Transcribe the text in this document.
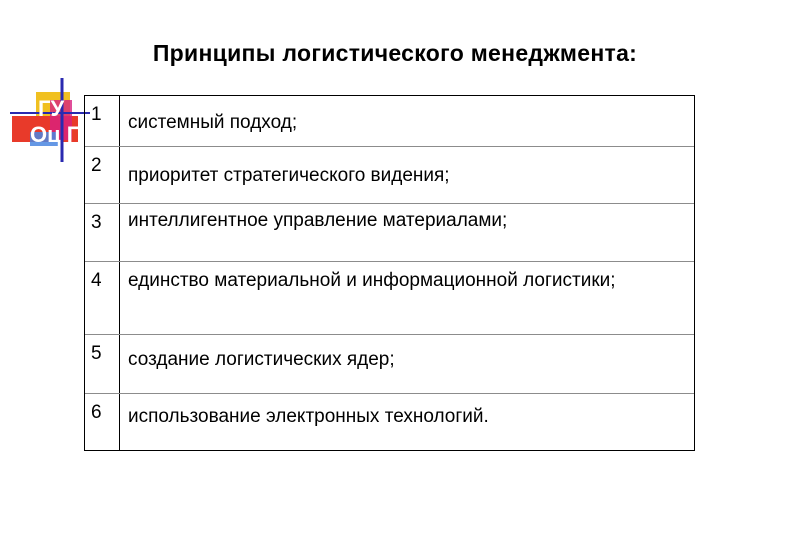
Принципы логистического менеджмента:
ГУ
Оц ПС
1	системный подход;
2	приоритет стратегического видения;
3	интеллигентное управление материалами;
4	единство материальной и информационной логистики;
5	создание логистических ядер;
6	использование электронных технологий.
